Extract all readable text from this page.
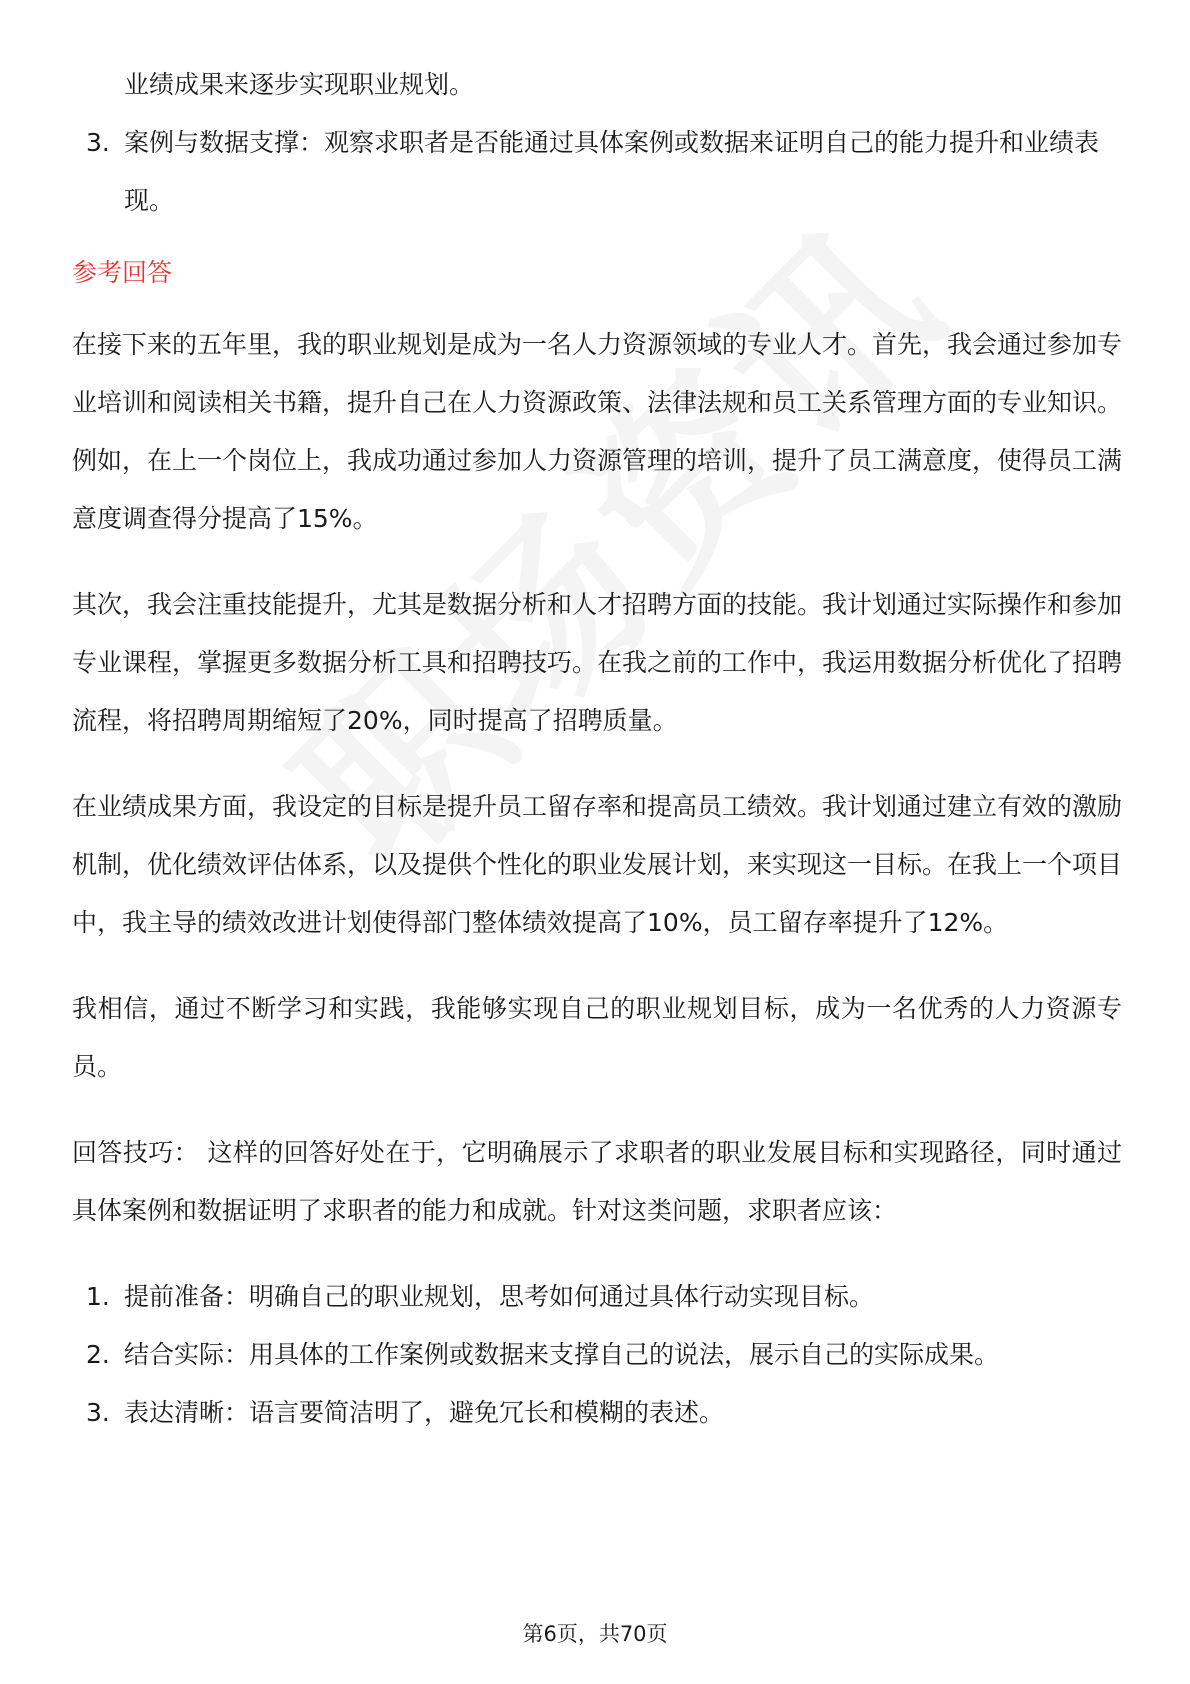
业绩成果来逐步实现职业规划。
3. 案例与数据支撑：观察求职者是否能通过具体案例或数据来证明自己的能力提升和业绩表现。
参考回答

在接下来的五年里，我的职业规划是成为一名人力资源领域的专业人才。首先，我会通过参加专业培训和阅读相关书籍，提升自己在人力资源政策、法律法规和员工关系管理方面的专业知识。例如，在上一个岗位上，我成功通过参加人力资源管理的培训，提升了员工满意度，使得员工满意度调查得分提高了15%。

其次，我会注重技能提升，尤其是数据分析和人才招聘方面的技能。我计划通过实际操作和参加专业课程，掌握更多数据分析工具和招聘技巧。在我之前的工作中，我运用数据分析优化了招聘流程，将招聘周期缩短了20%，同时提高了招聘质量。

在业绩成果方面，我设定的目标是提升员工留存率和提高员工绩效。我计划通过建立有效的激励机制，优化绩效评估体系，以及提供个性化的职业发展计划，来实现这一目标。在我上一个项目中，我主导的绩效改进计划使得部门整体绩效提高了10%，员工留存率提升了12%。

我相信，通过不断学习和实践，我能够实现自己的职业规划目标，成为一名优秀的人力资源专员。

回答技巧： 这样的回答好处在于，它明确展示了求职者的职业发展目标和实现路径，同时通过具体案例和数据证明了求职者的能力和成就。针对这类问题，求职者应该：

1. 提前准备：明确自己的职业规划，思考如何通过具体行动实现目标。
2. 结合实际：用具体的工作案例或数据来支撑自己的说法，展示自己的实际成果。
3. 表达清晰：语言要简洁明了，避免冗长和模糊的表述。
第6页，共70页
